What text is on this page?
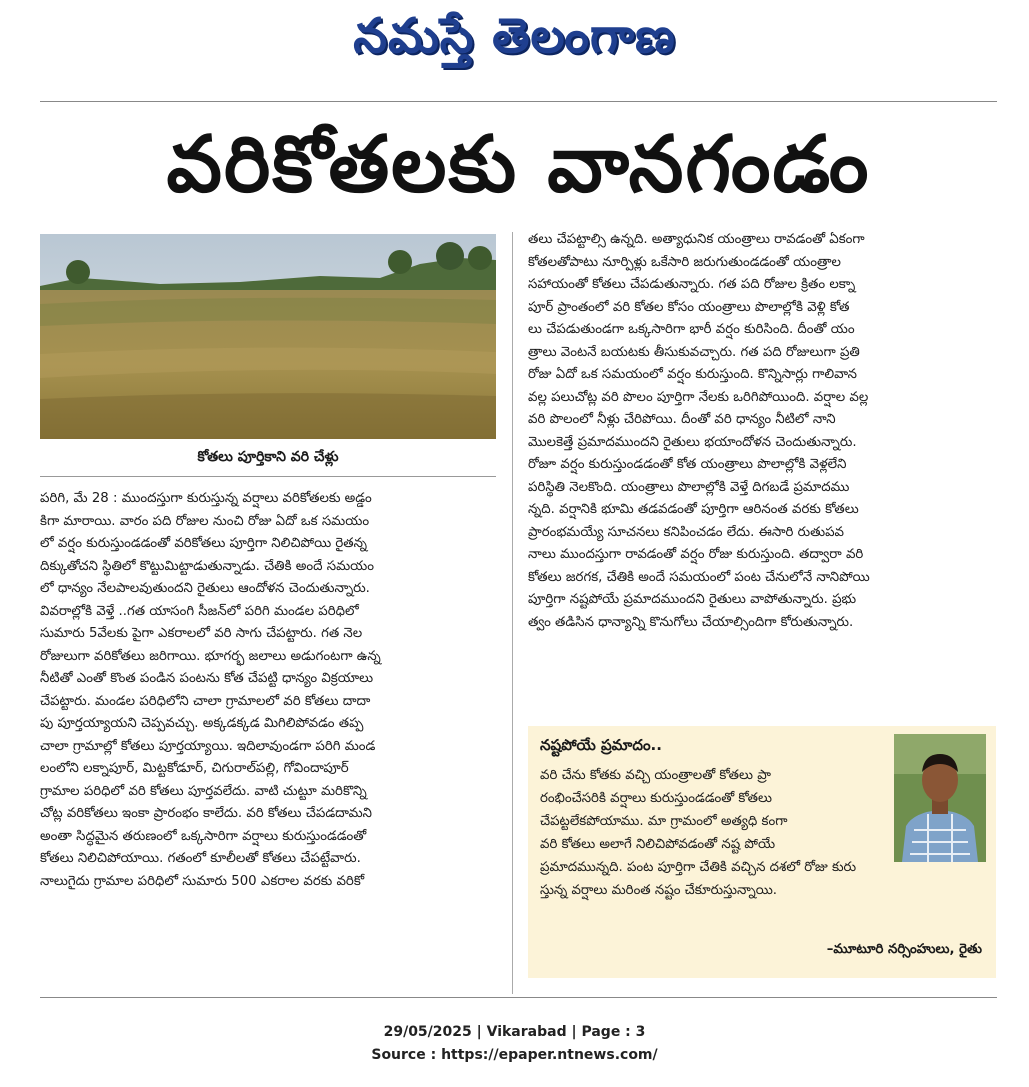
నమస్తే తెలంగాణ
వరికోతలకు వానగండం
కోతలు పూర్తికాని వరి చేళ్లు

పరిగి, మే 28 : ముందస్తుగా కురుస్తున్న వర్షాలు వరికోతలకు అడ్డం

కిగా మారాయి. వారం పది రోజుల నుంచి రోజు ఏదో ఒక సమయం

లో వర్షం కురుస్తుండడంతో వరికోతలు పూర్తిగా నిలిచిపోయి రైతన్న

దిక్కుతోచని స్థితిలో కొట్టుమిట్టాడుతున్నాడు. చేతికి అందే సమయం

లో ధాన్యం నేలపాలవుతుందని రైతులు ఆందోళన చెందుతున్నారు.

వివరాల్లోకి వెళ్తే ..గత యాసంగి సీజన్‌లో పరిగి మండల పరిధిలో

సుమారు 5వేలకు పైగా ఎకరాలలో వరి సాగు చేపట్టారు. గత నెల

రోజులుగా వరికోతలు జరిగాయి. భూగర్భ జలాలు అడుగంటగా ఉన్న

నీటితో ఎంతో కొంత పండిన పంటను కోత చేపట్టి ధాన్యం విక్రయాలు

చేపట్టారు. మండల పరిధిలోని చాలా గ్రామాలలో వరి కోతలు దాదా

పు పూర్తయ్యాయని చెప్పవచ్చు. అక్కడక్కడ మిగిలిపోవడం తప్ప

చాలా గ్రామాల్లో కోతలు పూర్తయ్యాయి. ఇదిలావుండగా పరిగి మండ

లంలోని లక్నాపూర్, మిట్టకోడూర్, చిగురాల్‌పల్లి, గోవిందాపూర్

గ్రామాల పరిధిలో వరి కోతలు పూర్తవలేదు. వాటి చుట్టూ మరికొన్ని

చోట్ల వరికోతలు ఇంకా ప్రారంభం కాలేదు. వరి కోతలు చేపడదామని

అంతా సిద్ధమైన తరుణంలో ఒక్కసారిగా వర్షాలు కురుస్తుండడంతో

కోతలు నిలిచిపోయాయి. గతంలో కూలీలతో కోతలు చేపట్టేవారు.

నాలుగైదు గ్రామాల పరిధిలో సుమారు 500 ఎకరాల వరకు వరికో

తలు చేపట్టాల్సి ఉన్నది. అత్యాధునిక యంత్రాలు రావడంతో ఏకంగా

కోతలతోపాటు నూర్పిళ్లు ఒకేసారి జరుగుతుండడంతో యంత్రాల

సహాయంతో కోతలు చేపడుతున్నారు. గత పది రోజుల క్రితం లక్నా

పూర్ ప్రాంతంలో వరి కోతల కోసం యంత్రాలు పొలాల్లోకి వెళ్లి కోత

లు చేపడుతుండగా ఒక్కసారిగా భారీ వర్షం కురిసింది. దీంతో యం

త్రాలు వెంటనే బయటకు తీసుకువచ్చారు. గత పది రోజులుగా ప్రతి

రోజు ఏదో ఒక సమయంలో వర్షం కురుస్తుంది. కొన్నిసార్లు గాలివాన

వల్ల పలుచోట్ల వరి పొలం పూర్తిగా నేలకు ఒరిగిపోయింది. వర్షాల వల్ల

వరి పొలంలో నీళ్లు చేరిపోయి. దీంతో వరి ధాన్యం నీటిలో నాని

మొలకెత్తే ప్రమాదముందని రైతులు భయాందోళన చెందుతున్నారు.

రోజూ వర్షం కురుస్తుండడంతో కోత యంత్రాలు పొలాల్లోకి వెళ్లలేని

పరిస్థితి నెలకొంది. యంత్రాలు పొలాల్లోకి వెళ్తే దిగబడే ప్రమాదము

న్నది. వర్షానికి భూమి తడవడంతో పూర్తిగా ఆరినంత వరకు కోతలు

ప్రారంభమయ్యే సూచనలు కనిపించడం లేదు. ఈసారి రుతుపవ

నాలు ముందస్తుగా రావడంతో వర్షం రోజు కురుస్తుంది. తద్వారా వరి

కోతలు జరగక, చేతికి అందే సమయంలో పంట చేనులోనే నానిపోయి

పూర్తిగా నష్టపోయే ప్రమాదముందని రైతులు వాపోతున్నారు. ప్రభు

త్వం తడిసిన ధాన్యాన్ని కొనుగోలు చేయాల్సిందిగా కోరుతున్నారు.

నష్టపోయే ప్రమాదం..

వరి చేను కోతకు వచ్చి యంత్రాలతో కోతలు ప్రా

రంభించేసరికి వర్షాలు కురుస్తుండడంతో కోతలు

చేపట్టలేకపోయాము. మా గ్రామంలో అత్యధి కంగా

వరి కోతలు అలాగే నిలిచిపోవడంతో నష్ట పోయే

ప్రమాదమున్నది. పంట పూర్తిగా చేతికి వచ్చిన దశలో రోజు కురు

స్తున్న వర్షాలు మరింత నష్టం చేకూరుస్తున్నాయి.

–మూటూరి నర్సింహులు, రైతు
29/05/2025 | Vikarabad | Page : 3
Source : https://epaper.ntnews.com/
